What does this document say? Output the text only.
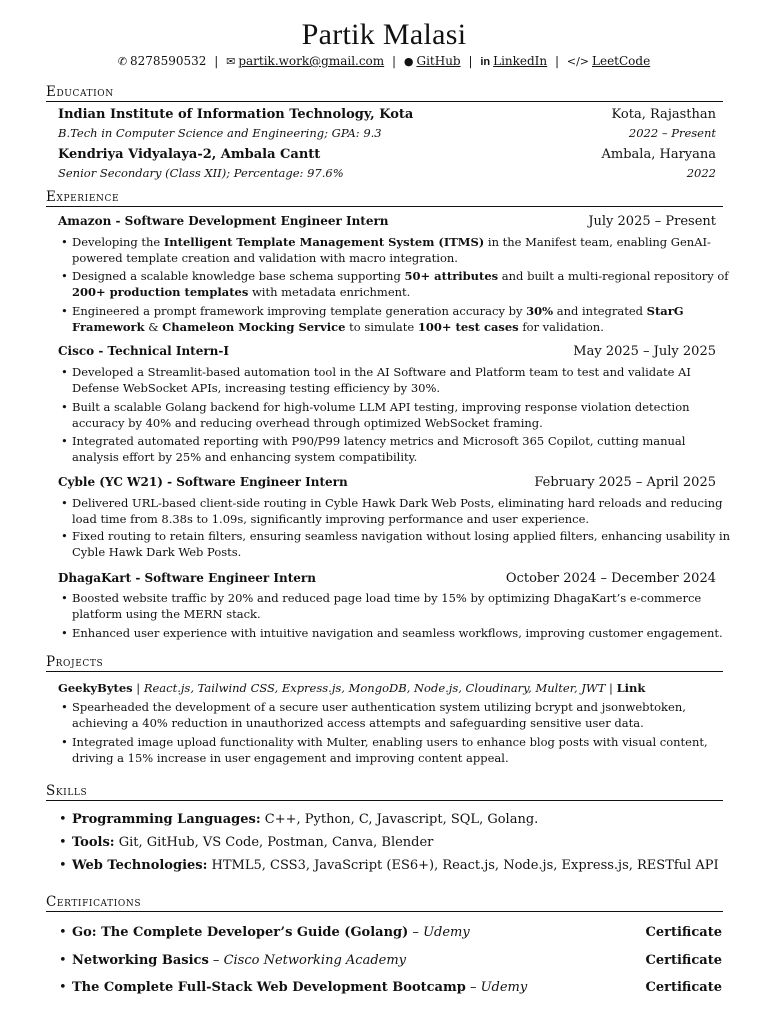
Partik Malasi
✆ 8278590532 | ✉ partik.work@gmail.com | ● GitHub | in LinkedIn | </> LeetCode
Education
Indian Institute of Information Technology, Kota	Kota, Rajasthan
B.Tech in Computer Science and Engineering; GPA: 9.3	2022 – Present
Kendriya Vidyalaya-2, Ambala Cantt	Ambala, Haryana
Senior Secondary (Class XII); Percentage: 97.6%	2022
Experience
Amazon - Software Development Engineer Intern	July 2025 – Present
• Developing the Intelligent Template Management System (ITMS) in the Manifest team, enabling GenAI-powered template creation and validation with macro integration.
• Designed a scalable knowledge base schema supporting 50+ attributes and built a multi-regional repository of 200+ production templates with metadata enrichment.
• Engineered a prompt framework improving template generation accuracy by 30% and integrated StarG Framework & Chameleon Mocking Service to simulate 100+ test cases for validation.
Cisco - Technical Intern-I	May 2025 – July 2025
• Developed a Streamlit-based automation tool in the AI Software and Platform team to test and validate AI Defense WebSocket APIs, increasing testing efficiency by 30%.
• Built a scalable Golang backend for high-volume LLM API testing, improving response violation detection accuracy by 40% and reducing overhead through optimized WebSocket framing.
• Integrated automated reporting with P90/P99 latency metrics and Microsoft 365 Copilot, cutting manual analysis effort by 25% and enhancing system compatibility.
Cyble (YC W21) - Software Engineer Intern	February 2025 – April 2025
• Delivered URL-based client-side routing in Cyble Hawk Dark Web Posts, eliminating hard reloads and reducing load time from 8.38s to 1.09s, significantly improving performance and user experience.
• Fixed routing to retain filters, ensuring seamless navigation without losing applied filters, enhancing usability in Cyble Hawk Dark Web Posts.
DhagaKart - Software Engineer Intern	October 2024 – December 2024
• Boosted website traffic by 20% and reduced page load time by 15% by optimizing DhagaKart’s e-commerce platform using the MERN stack.
• Enhanced user experience with intuitive navigation and seamless workflows, improving customer engagement.
Projects
GeekyBytes | React.js, Tailwind CSS, Express.js, MongoDB, Node.js, Cloudinary, Multer, JWT | Link
• Spearheaded the development of a secure user authentication system utilizing bcrypt and jsonwebtoken, achieving a 40% reduction in unauthorized access attempts and safeguarding sensitive user data.
• Integrated image upload functionality with Multer, enabling users to enhance blog posts with visual content, driving a 15% increase in user engagement and improving content appeal.
Skills
• Programming Languages: C++, Python, C, Javascript, SQL, Golang.
• Tools: Git, GitHub, VS Code, Postman, Canva, Blender
• Web Technologies: HTML5, CSS3, JavaScript (ES6+), React.js, Node.js, Express.js, RESTful API
Certifications
• Go: The Complete Developer’s Guide (Golang) – Udemy	Certificate
• Networking Basics – Cisco Networking Academy	Certificate
• The Complete Full-Stack Web Development Bootcamp – Udemy	Certificate
